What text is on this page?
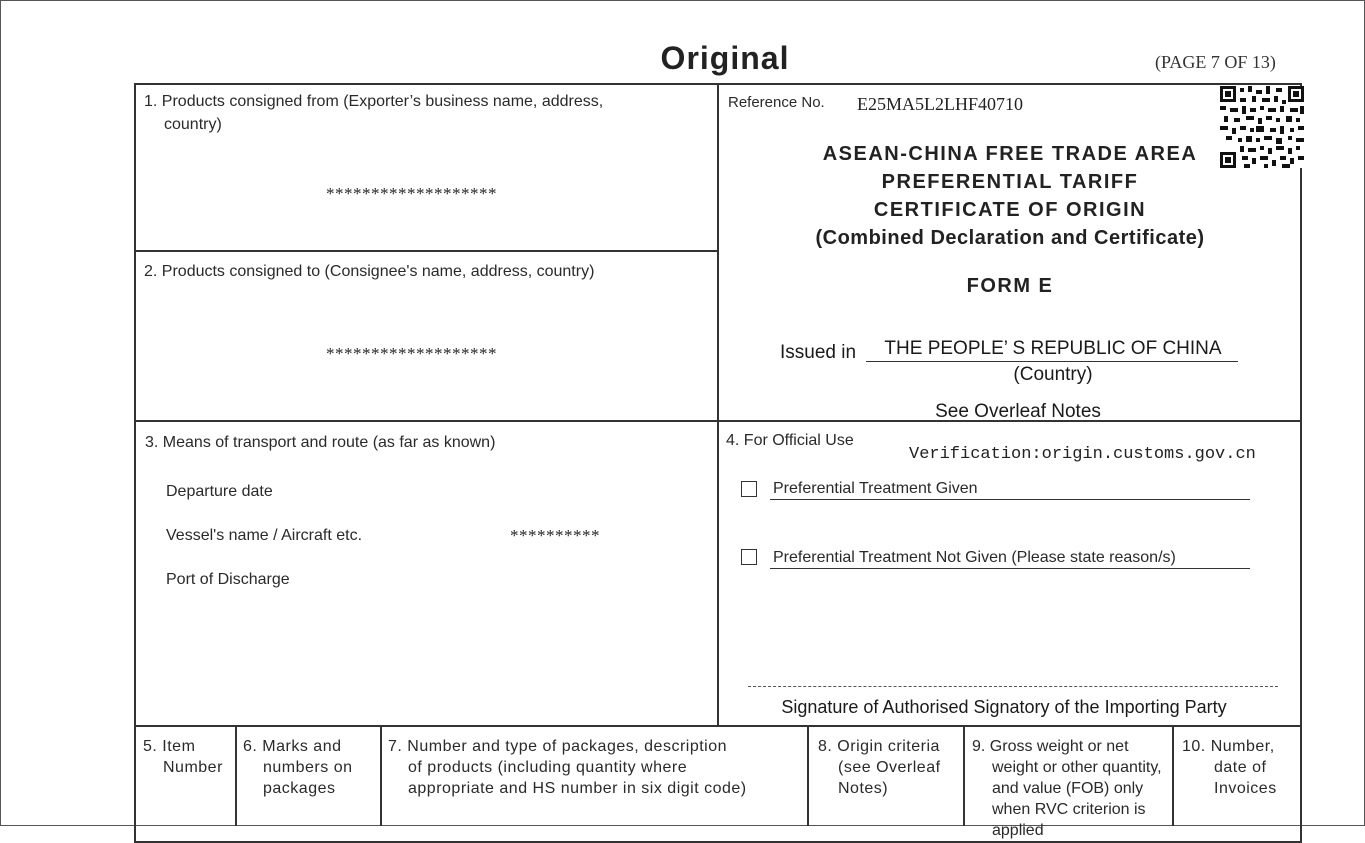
Original	(PAGE 7 OF 13)
1. Products consigned from (Exporter’s business name, address,
country)
*******************
2. Products consigned to (Consignee's name, address, country)
*******************
Reference No. E25MA5L2LHF40710
ASEAN-CHINA FREE TRADE AREA
PREFERENTIAL TARIFF
CERTIFICATE OF ORIGIN
(Combined Declaration and Certificate)
FORM E
Issued in	THE PEOPLE’ S REPUBLIC OF CHINA
(Country)
See Overleaf Notes
3. Means of transport and route (as far as known)
Departure date
Vessel's name / Aircraft etc.	**********
Port of Discharge
4. For Official Use
Verification:origin.customs.gov.cn
Preferential Treatment Given
Preferential Treatment Not Given (Please state reason/s)
Signature of Authorised Signatory of the Importing Party
5. Item
Number
6. Marks and
numbers on
packages
7. Number and type of packages, description
of products (including quantity where
appropriate and HS number in six digit code)
8. Origin criteria
(see Overleaf
Notes)
9. Gross weight or net
weight or other quantity,
and value (FOB) only
when RVC criterion is
applied
10. Number,
date of
Invoices
